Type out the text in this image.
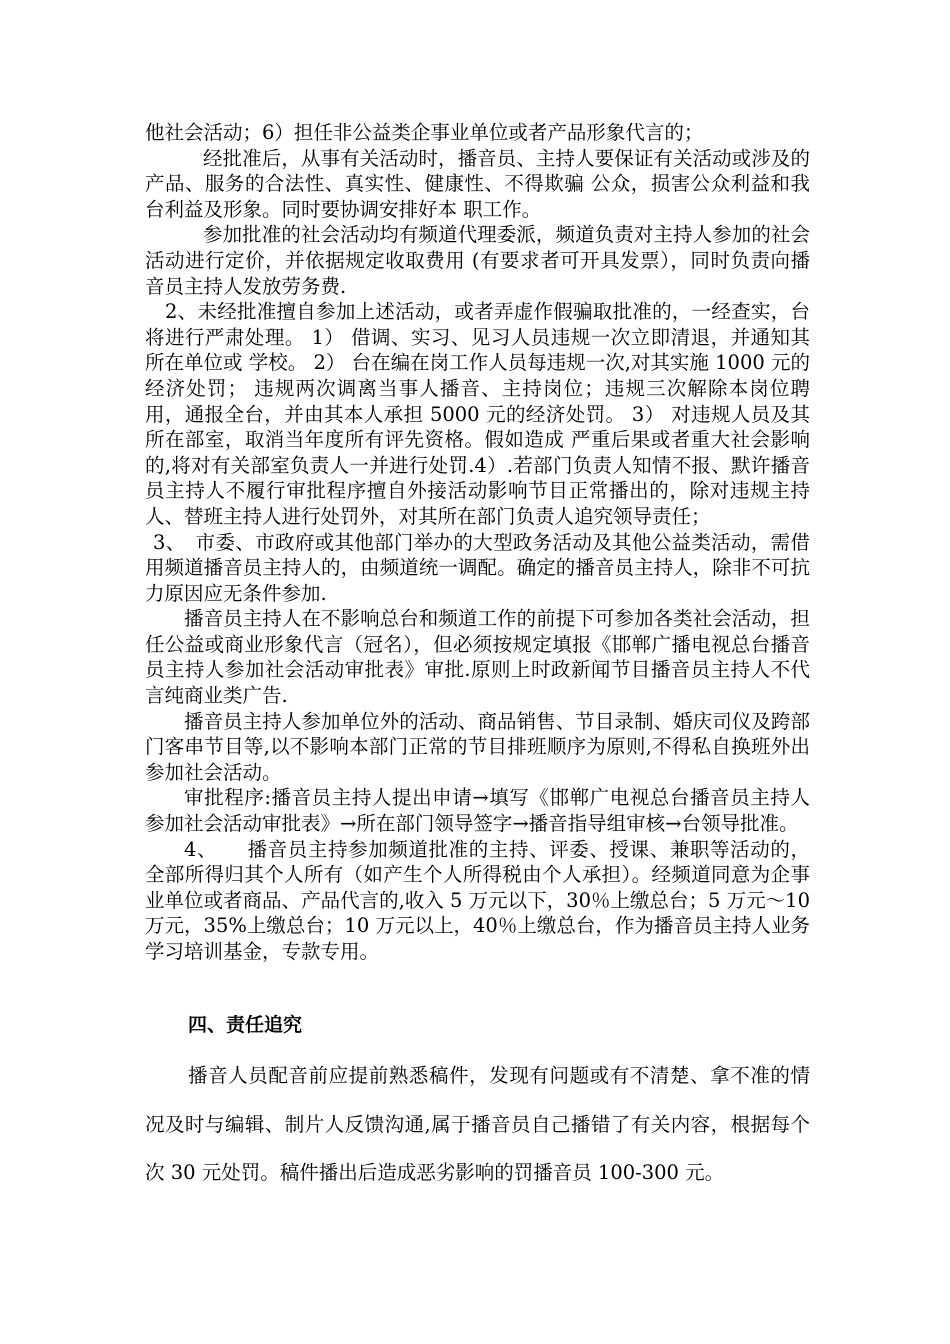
他社会活动；6）担任非公益类企事业单位或者产品形象代言的；

经批准后，从事有关活动时，播音员、主持人要保证有关活动或涉及的产品、服务的合法性、真实性、健康性、不得欺骗 公众，损害公众利益和我台利益及形象。同时要协调安排好本 职工作。

参加批准的社会活动均有频道代理委派，频道负责对主持人参加的社会活动进行定价，并依据规定收取费用 (有要求者可开具发票），同时负责向播音员主持人发放劳务费.

2、未经批准擅自参加上述活动，或者弄虚作假骗取批准的，一经查实，台将进行严肃处理。 1） 借调、实习、见习人员违规一次立即清退，并通知其所在单位或 学校。 2） 台在编在岗工作人员每违规一次,对其实施 1000 元的经济处罚； 违规两次调离当事人播音、主持岗位；违规三次解除本岗位聘用，通报全台，并由其本人承担 5000 元的经济处罚。 3） 对违规人员及其所在部室，取消当年度所有评先资格。假如造成 严重后果或者重大社会影响的,将对有关部室负责人一并进行处罚.4）.若部门负责人知情不报、默许播音员主持人不履行审批程序擅自外接活动影响节目正常播出的，除对违规主持人、替班主持人进行处罚外，对其所在部门负责人追究领导责任；

3、　市委、市政府或其他部门举办的大型政务活动及其他公益类活动，需借用频道播音员主持人的，由频道统一调配。确定的播音员主持人，除非不可抗力原因应无条件参加.

播音员主持人在不影响总台和频道工作的前提下可参加各类社会活动，担任公益或商业形象代言（冠名），但必须按规定填报《邯郸广播电视总台播音员主持人参加社会活动审批表》审批.原则上时政新闻节目播音员主持人不代言纯商业类广告.

播音员主持人参加单位外的活动、商品销售、节目录制、婚庆司仪及跨部门客串节目等,以不影响本部门正常的节目排班顺序为原则,不得私自换班外出参加社会活动。

审批程序:播音员主持人提出申请→填写《邯郸广电视总台播音员主持人参加社会活动审批表》→所在部门领导签字→播音指导组审核→台领导批准。

4、　　播音员主持参加频道批准的主持、评委、授课、兼职等活动的，全部所得归其个人所有（如产生个人所得税由个人承担）。经频道同意为企事业单位或者商品、产品代言的,收入 5 万元以下，30％上缴总台；5 万元～10 万元，35%上缴总台；10 万元以上，40％上缴总台，作为播音员主持人业务学习培训基金，专款专用。

四、责任追究

播音人员配音前应提前熟悉稿件，发现有问题或有不清楚、拿不准的情况及时与编辑、制片人反馈沟通,属于播音员自己播错了有关内容，根据每个次 30 元处罚。稿件播出后造成恶劣影响的罚播音员 100-300 元。
